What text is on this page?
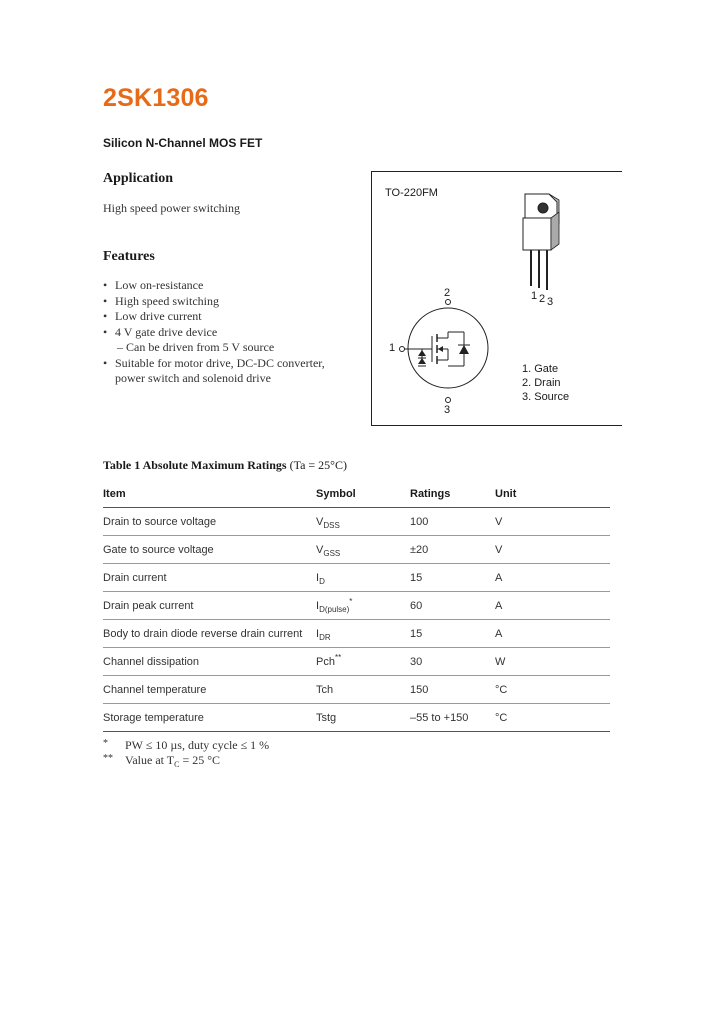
2SK1306
Silicon N-Channel MOS FET
Application
High speed power switching
Features
• Low on-resistance
• High speed switching
• Low drive current
• 4 V gate drive device
– Can be driven from 5 V source
• Suitable for motor drive, DC-DC converter,
power switch and solenoid drive
TO-220FM
1 2 3
2
1
3
1. Gate
2. Drain
3. Source
Table 1 Absolute Maximum Ratings (Ta = 25°C)
Item	Symbol	Ratings	Unit
Drain to source voltage	$V_{DSS}$	100	V
Gate to source voltage	$V_{GSS}$	±20	V
Drain current	$I_D$	15	A
Drain peak current	$I_{D(pulse)}^*$	60	A
Body to drain diode reverse drain current	$I_{DR}$	15	A
Channel dissipation	Pch**	30	W
Channel temperature	Tch	150	°C
Storage temperature	Tstg	–55 to +150	°C
* PW ≤ 10 µs, duty cycle ≤ 1 %
** Value at $T_C = 25$ °C
